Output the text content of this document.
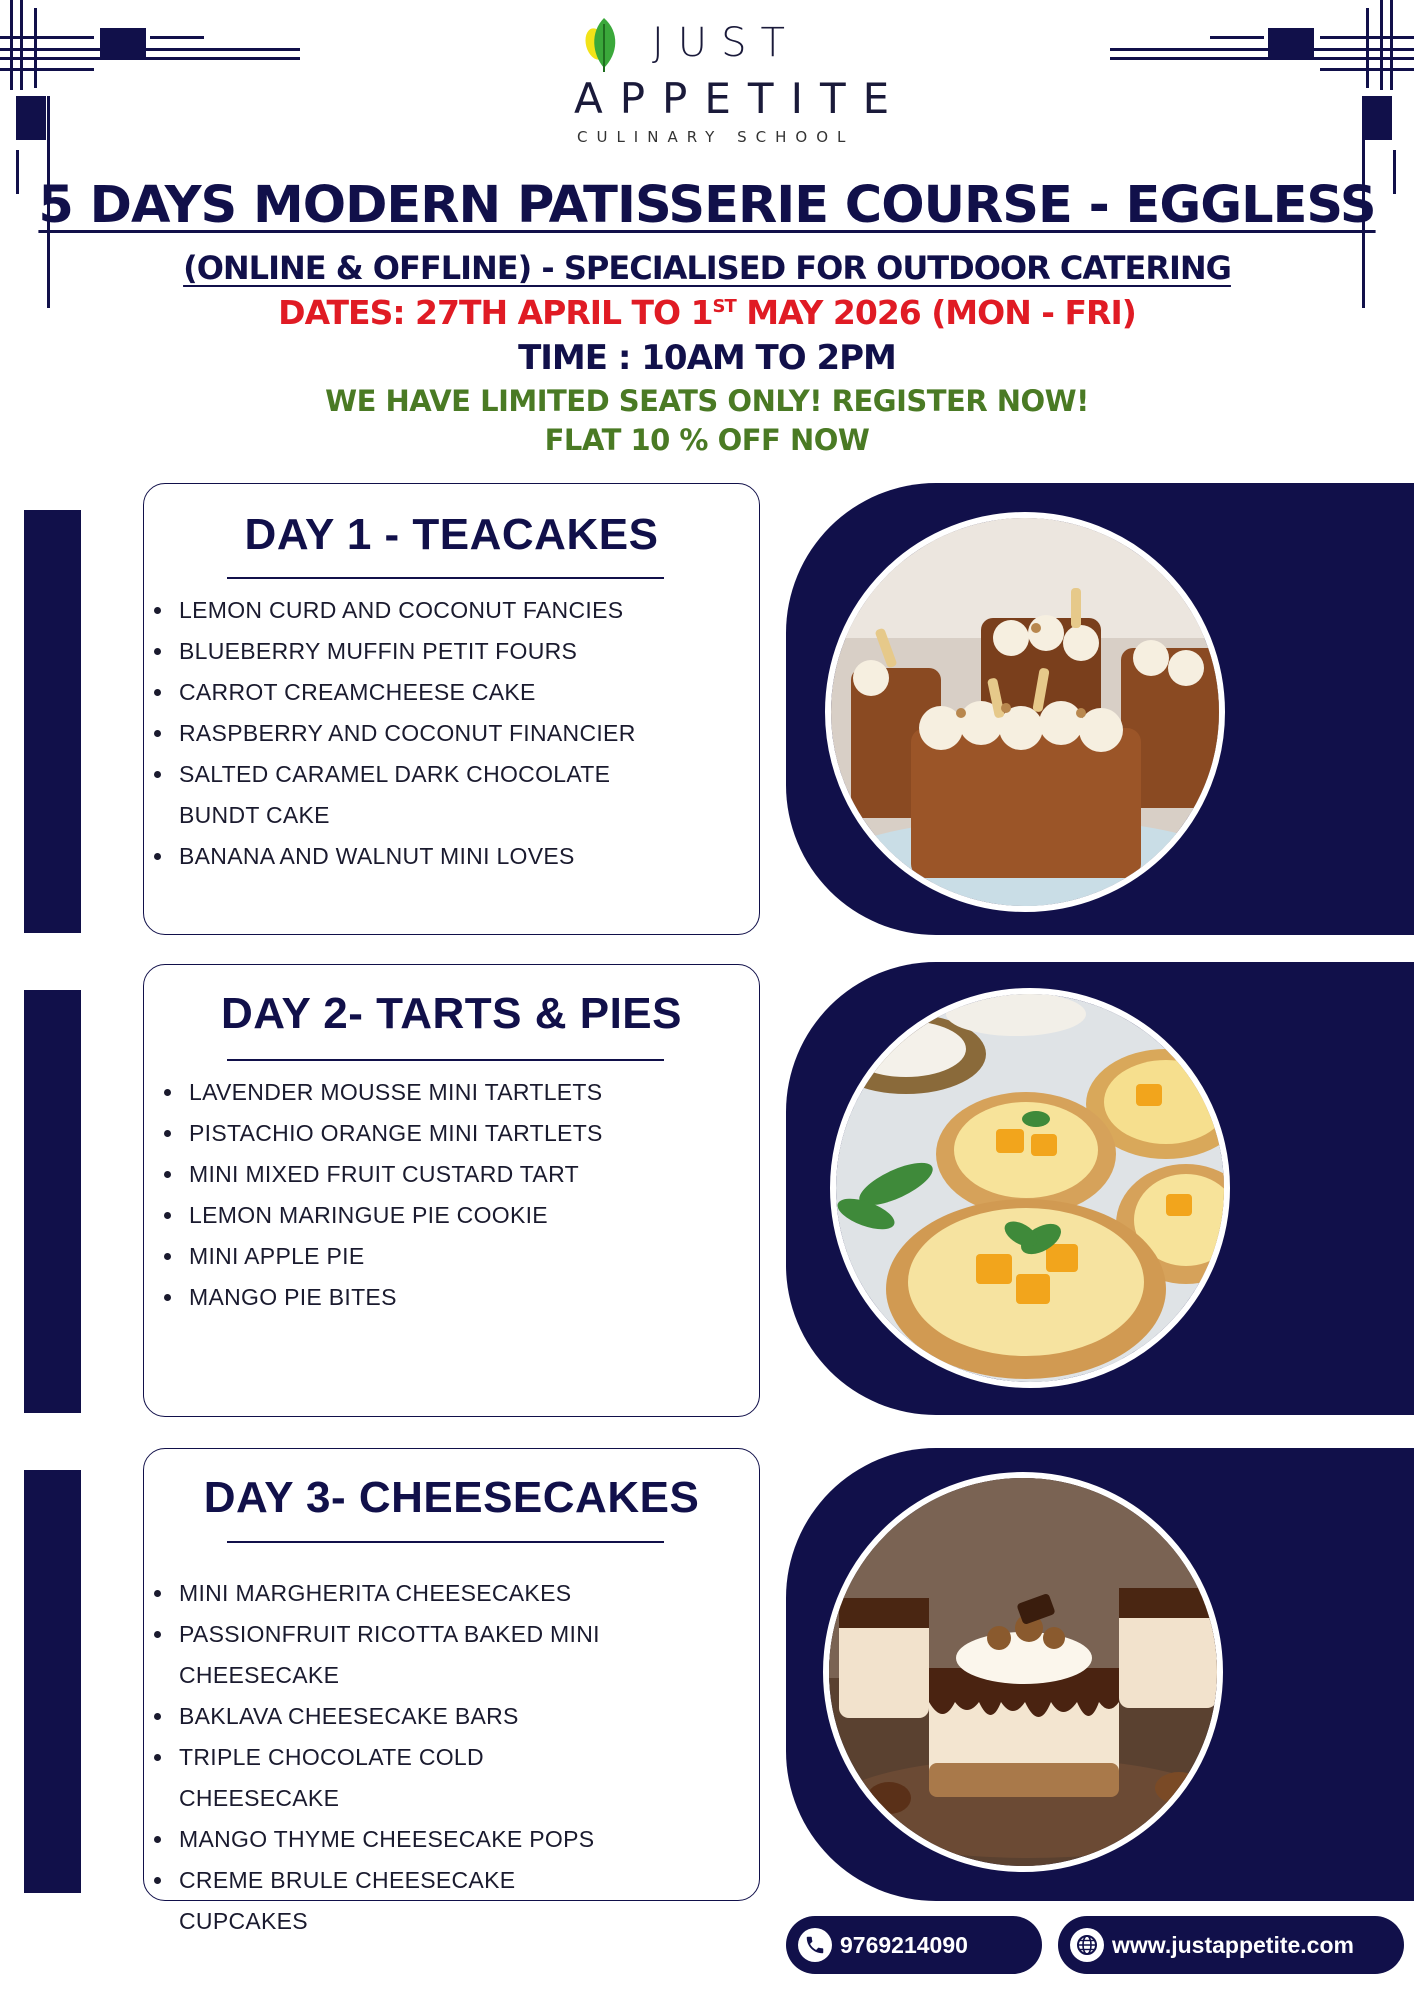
JUST
APPETITE
CULINARY SCHOOL
5 DAYS MODERN PATISSERIE COURSE - EGGLESS
(ONLINE & OFFLINE) - SPECIALISED FOR OUTDOOR CATERING
DATES: 27TH APRIL TO 1ST MAY 2026 (MON - FRI)
TIME : 10AM TO 2PM
WE HAVE LIMITED SEATS ONLY! REGISTER NOW!
FLAT 10 % OFF NOW
DAY 1 - TEACAKES
• LEMON CURD AND COCONUT FANCIES
• BLUEBERRY MUFFIN PETIT FOURS
• CARROT CREAMCHEESE CAKE
• RASPBERRY AND COCONUT FINANCIER
• SALTED CARAMEL DARK CHOCOLATE BUNDT CAKE
• BANANA AND WALNUT MINI LOVES
DAY 2- TARTS & PIES
• LAVENDER MOUSSE MINI TARTLETS
• PISTACHIO ORANGE MINI TARTLETS
• MINI MIXED FRUIT CUSTARD TART
• LEMON MARINGUE PIE COOKIE
• MINI APPLE PIE
• MANGO PIE BITES
DAY 3- CHEESECAKES
• MINI MARGHERITA CHEESECAKES
• PASSIONFRUIT RICOTTA BAKED MINI CHEESECAKE
• BAKLAVA CHEESECAKE BARS
• TRIPLE CHOCOLATE COLD CHEESECAKE
• MANGO THYME CHEESECAKE POPS
• CREME BRULE CHEESECAKE CUPCAKES
9769214090	www.justappetite.com
